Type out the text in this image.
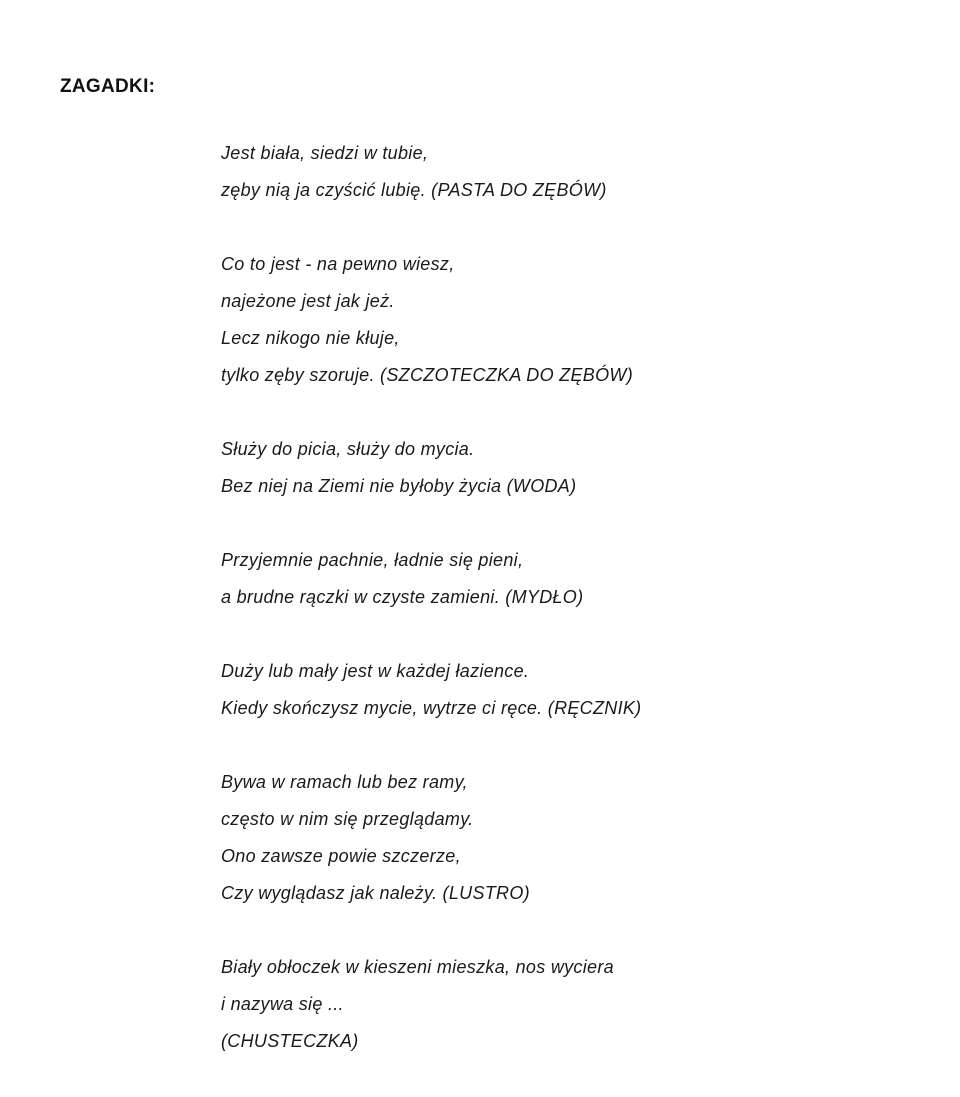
ZAGADKI:
Jest biała, siedzi w tubie,
zęby nią ja czyścić lubię. (PASTA DO ZĘBÓW)
Co to jest - na pewno wiesz,
najeżone jest jak jeż.
Lecz nikogo nie kłuje,
tylko zęby szoruje. (SZCZOTECZKA DO ZĘBÓW)
Służy do picia, służy do mycia.
Bez niej na Ziemi nie byłoby życia (WODA)
Przyjemnie pachnie, ładnie się pieni,
a brudne rączki w czyste zamieni. (MYDŁO)
Duży lub mały jest w każdej łazience.
Kiedy skończysz mycie, wytrze ci ręce. (RĘCZNIK)
Bywa w ramach lub bez ramy,
często w nim się przeglądamy.
Ono zawsze powie szczerze,
Czy wyglądasz jak należy. (LUSTRO)
Biały obłoczek w kieszeni mieszka, nos wyciera
i nazywa się ...
(CHUSTECZKA)
